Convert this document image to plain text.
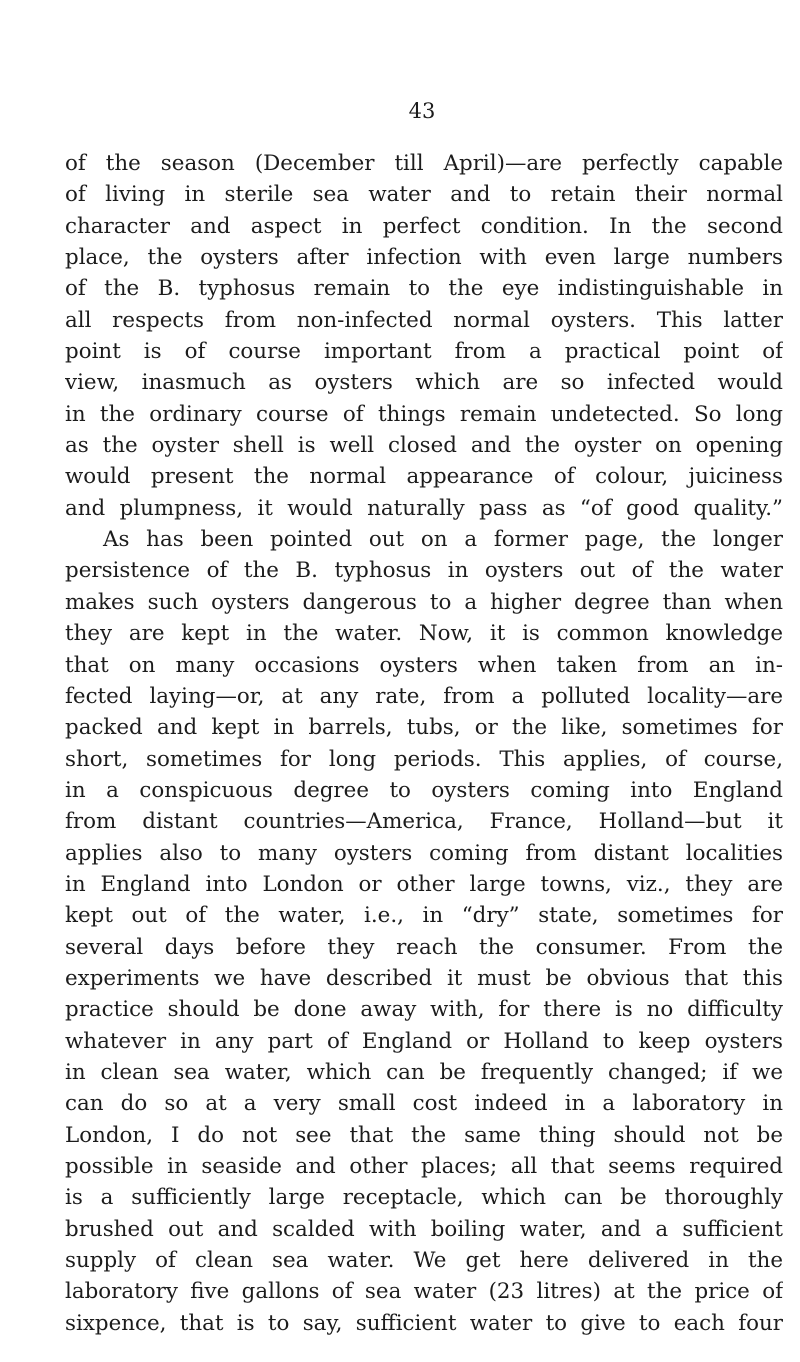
43
of the season (December till April)—are perfectly capable
of living in sterile sea water and to retain their normal
character and aspect in perfect condition. In the second
place, the oysters after infection with even large numbers
of the B. typhosus remain to the eye indistinguishable in
all respects from non-infected normal oysters. This latter
point is of course important from a practical point of
view, inasmuch as oysters which are so infected would
in the ordinary course of things remain undetected. So long
as the oyster shell is well closed and the oyster on opening
would present the normal appearance of colour, juiciness
and plumpness, it would naturally pass as “of good quality.”
As has been pointed out on a former page, the longer
persistence of the B. typhosus in oysters out of the water
makes such oysters dangerous to a higher degree than when
they are kept in the water. Now, it is common knowledge
that on many occasions oysters when taken from an in-
fected laying—or, at any rate, from a polluted locality—are
packed and kept in barrels, tubs, or the like, sometimes for
short, sometimes for long periods. This applies, of course,
in a conspicuous degree to oysters coming into England
from distant countries—America, France, Holland—but it
applies also to many oysters coming from distant localities
in England into London or other large towns, viz., they are
kept out of the water, i.e., in “dry” state, sometimes for
several days before they reach the consumer. From the
experiments we have described it must be obvious that this
practice should be done away with, for there is no difficulty
whatever in any part of England or Holland to keep oysters
in clean sea water, which can be frequently changed; if we
can do so at a very small cost indeed in a laboratory in
London, I do not see that the same thing should not be
possible in seaside and other places; all that seems required
is a sufficiently large receptacle, which can be thoroughly
brushed out and scalded with boiling water, and a sufficient
supply of clean sea water. We get here delivered in the
laboratory five gallons of sea water (23 litres) at the price of
sixpence, that is to say, sufficient water to give to each four
